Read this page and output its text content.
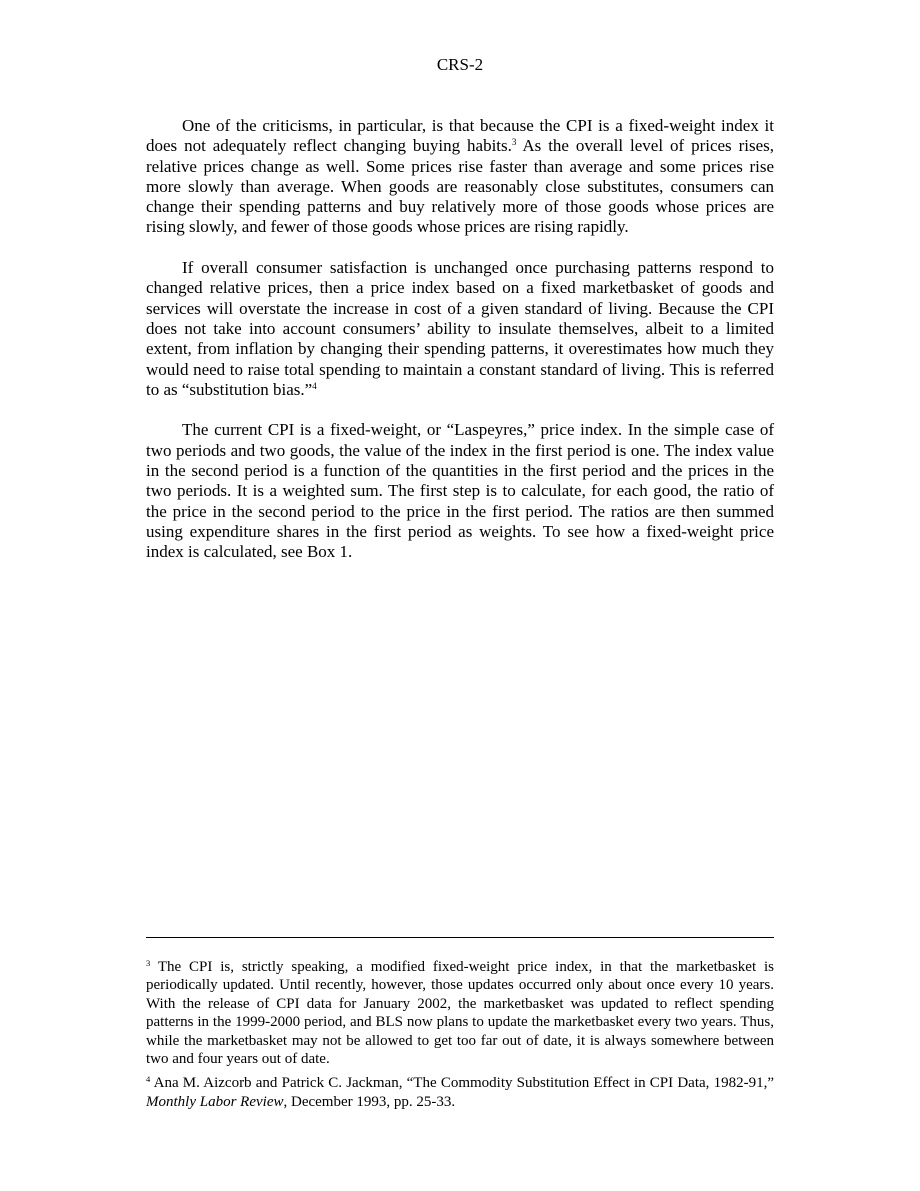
CRS-2

One of the criticisms, in particular, is that because the CPI is a fixed-weight index it does not adequately reflect changing buying habits.$^3$ As the overall level of prices rises, relative prices change as well. Some prices rise faster than average and some prices rise more slowly than average. When goods are reasonably close substitutes, consumers can change their spending patterns and buy relatively more of those goods whose prices are rising slowly, and fewer of those goods whose prices are rising rapidly.

If overall consumer satisfaction is unchanged once purchasing patterns respond to changed relative prices, then a price index based on a fixed marketbasket of goods and services will overstate the increase in cost of a given standard of living. Because the CPI does not take into account consumers’ ability to insulate themselves, albeit to a limited extent, from inflation by changing their spending patterns, it overestimates how much they would need to raise total spending to maintain a constant standard of living. This is referred to as “substitution bias.”$^4$

The current CPI is a fixed-weight, or “Laspeyres,” price index. In the simple case of two periods and two goods, the value of the index in the first period is one. The index value in the second period is a function of the quantities in the first period and the prices in the two periods. It is a weighted sum. The first step is to calculate, for each good, the ratio of the price in the second period to the price in the first period. The ratios are then summed using expenditure shares in the first period as weights. To see how a fixed-weight price index is calculated, see Box 1.

$^3$ The CPI is, strictly speaking, a modified fixed-weight price index, in that the marketbasket is periodically updated. Until recently, however, those updates occurred only about once every 10 years. With the release of CPI data for January 2002, the marketbasket was updated to reflect spending patterns in the 1999-2000 period, and BLS now plans to update the marketbasket every two years. Thus, while the marketbasket may not be allowed to get too far out of date, it is always somewhere between two and four years out of date.

$^4$ Ana M. Aizcorb and Patrick C. Jackman, “The Commodity Substitution Effect in CPI Data, 1982-91,” Monthly Labor Review, December 1993, pp. 25-33.
